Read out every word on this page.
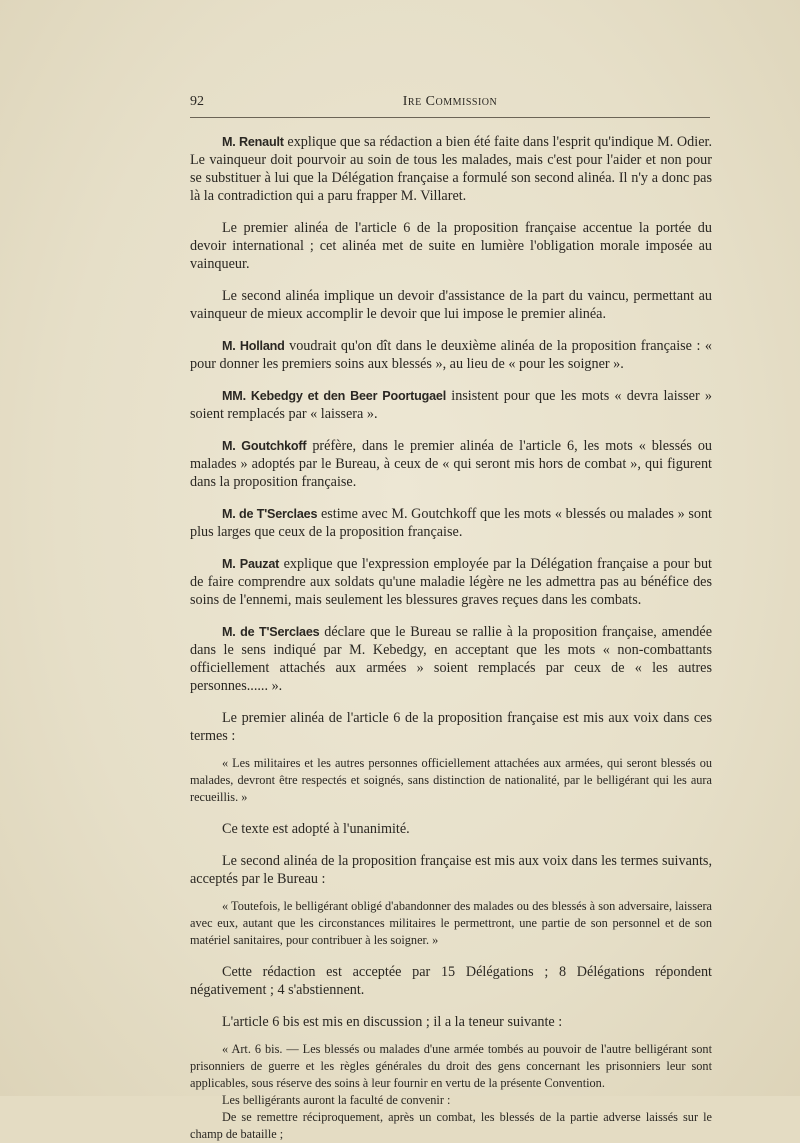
92	Ire Commission

M. Renault explique que sa rédaction a bien été faite dans l'esprit qu'indique M. Odier. Le vainqueur doit pourvoir au soin de tous les malades, mais c'est pour l'aider et non pour se substituer à lui que la Délégation française a formulé son second alinéa. Il n'y a donc pas là la contradiction qui a paru frapper M. Villaret.

Le premier alinéa de l'article 6 de la proposition française accentue la portée du devoir international ; cet alinéa met de suite en lumière l'obligation morale imposée au vainqueur.

Le second alinéa implique un devoir d'assistance de la part du vaincu, permettant au vainqueur de mieux accomplir le devoir que lui impose le premier alinéa.

M. Holland voudrait qu'on dît dans le deuxième alinéa de la proposition française : « pour donner les premiers soins aux blessés », au lieu de « pour les soigner ».

MM. Kebedgy et den Beer Poortugael insistent pour que les mots « devra laisser » soient remplacés par « laissera ».

M. Goutchkoff préfère, dans le premier alinéa de l'article 6, les mots « blessés ou malades » adoptés par le Bureau, à ceux de « qui seront mis hors de combat », qui figurent dans la proposition française.

M. de T'Serclaes estime avec M. Goutchkoff que les mots « blessés ou malades » sont plus larges que ceux de la proposition française.

M. Pauzat explique que l'expression employée par la Délégation française a pour but de faire comprendre aux soldats qu'une maladie légère ne les admettra pas au bénéfice des soins de l'ennemi, mais seulement les blessures graves reçues dans les combats.

M. de T'Serclaes déclare que le Bureau se rallie à la proposition française, amendée dans le sens indiqué par M. Kebedgy, en acceptant que les mots « non-combattants officiellement attachés aux armées » soient remplacés par ceux de « les autres personnes...... ».

Le premier alinéa de l'article 6 de la proposition française est mis aux voix dans ces termes :

« Les militaires et les autres personnes officiellement attachées aux armées, qui seront blessés ou malades, devront être respectés et soignés, sans distinction de nationalité, par le belligérant qui les aura recueillis. »

Ce texte est adopté à l'unanimité.

Le second alinéa de la proposition française est mis aux voix dans les termes suivants, acceptés par le Bureau :

« Toutefois, le belligérant obligé d'abandonner des malades ou des blessés à son adversaire, laissera avec eux, autant que les circonstances militaires le permettront, une partie de son personnel et de son matériel sanitaires, pour contribuer à les soigner. »

Cette rédaction est acceptée par 15 Délégations ; 8 Délégations répondent négativement ; 4 s'abstiennent.

L'article 6 bis est mis en discussion ; il a la teneur suivante :

« Art. 6 bis. — Les blessés ou malades d'une armée tombés au pouvoir de l'autre belligérant sont prisonniers de guerre et les règles générales du droit des gens concernant les prisonniers leur sont applicables, sous réserve des soins à leur fournir en vertu de la présente Convention.

Les belligérants auront la faculté de convenir :

De se remettre réciproquement, après un combat, les blessés de la partie adverse laissés sur le champ de bataille ;
